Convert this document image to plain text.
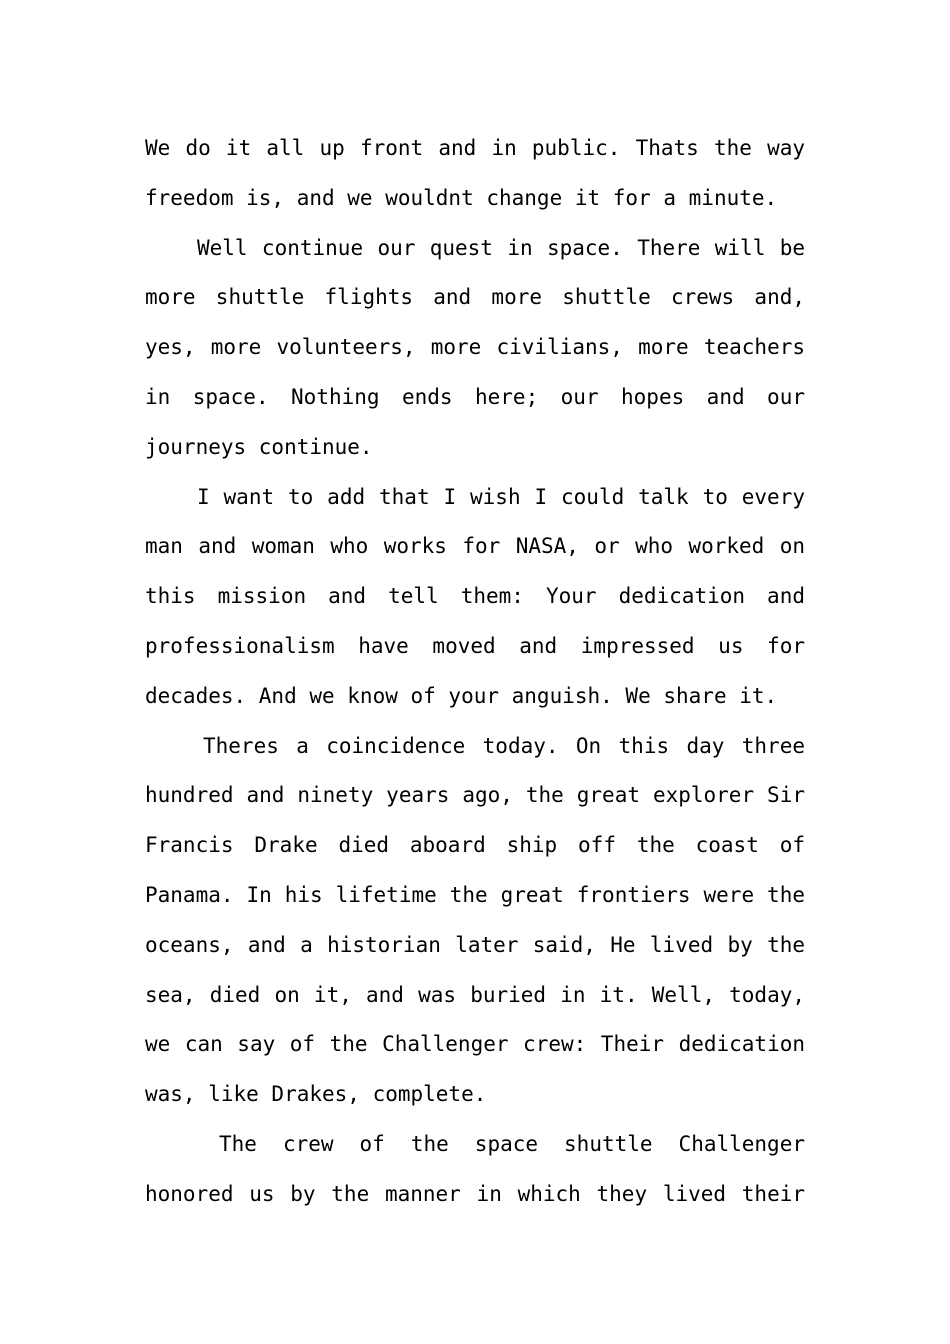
We do it all up front and in public. Thats the way freedom is, and we wouldnt change it for a minute.

Well continue our quest in space. There will be more shuttle flights and more shuttle crews and, yes, more volunteers, more civilians, more teachers in space. Nothing ends here; our hopes and our journeys continue.

I want to add that I wish I could talk to every man and woman who works for NASA, or who worked on this mission and tell them: Your dedication and professionalism have moved and impressed us for decades. And we know of your anguish. We share it.

Theres a coincidence today. On this day three hundred and ninety years ago, the great explorer Sir Francis Drake died aboard ship off the coast of Panama. In his lifetime the great frontiers were the oceans, and a historian later said, He lived by the sea, died on it, and was buried in it. Well, today, we can say of the Challenger crew: Their dedication was, like Drakes, complete.

The crew of the space shuttle Challenger honored us by the manner in which they lived their
